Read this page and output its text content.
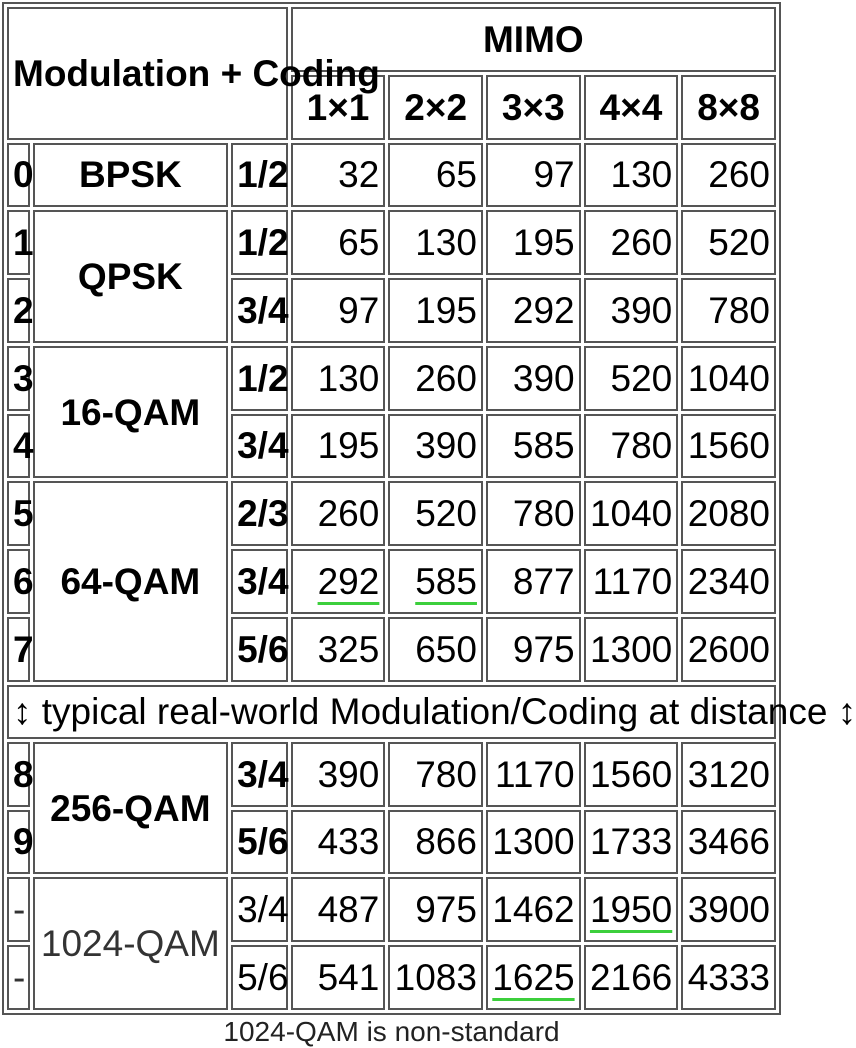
Modulation + Coding			MIMO				
			1×1	2×2	3×3	4×4	8×8
0	BPSK	1/2	32	65	97	130	260
1	QPSK	1/2	65	130	195	260	520
2		3/4	97	195	292	390	780
3	16-QAM	1/2	130	260	390	520	1040
4		3/4	195	390	585	780	1560
5	64-QAM	2/3	260	520	780	1040	2080
6		3/4	292	585	877	1170	2340
7		5/6	325	650	975	1300	2600
↕ typical real-world Modulation/Coding at distance ↕							
8	256-QAM	3/4	390	780	1170	1560	3120
9		5/6	433	866	1300	1733	3466
-	1024-QAM	3/4	487	975	1462	1950	3900
-		5/6	541	1083	1625	2166	4333
1024-QAM is non-standard
